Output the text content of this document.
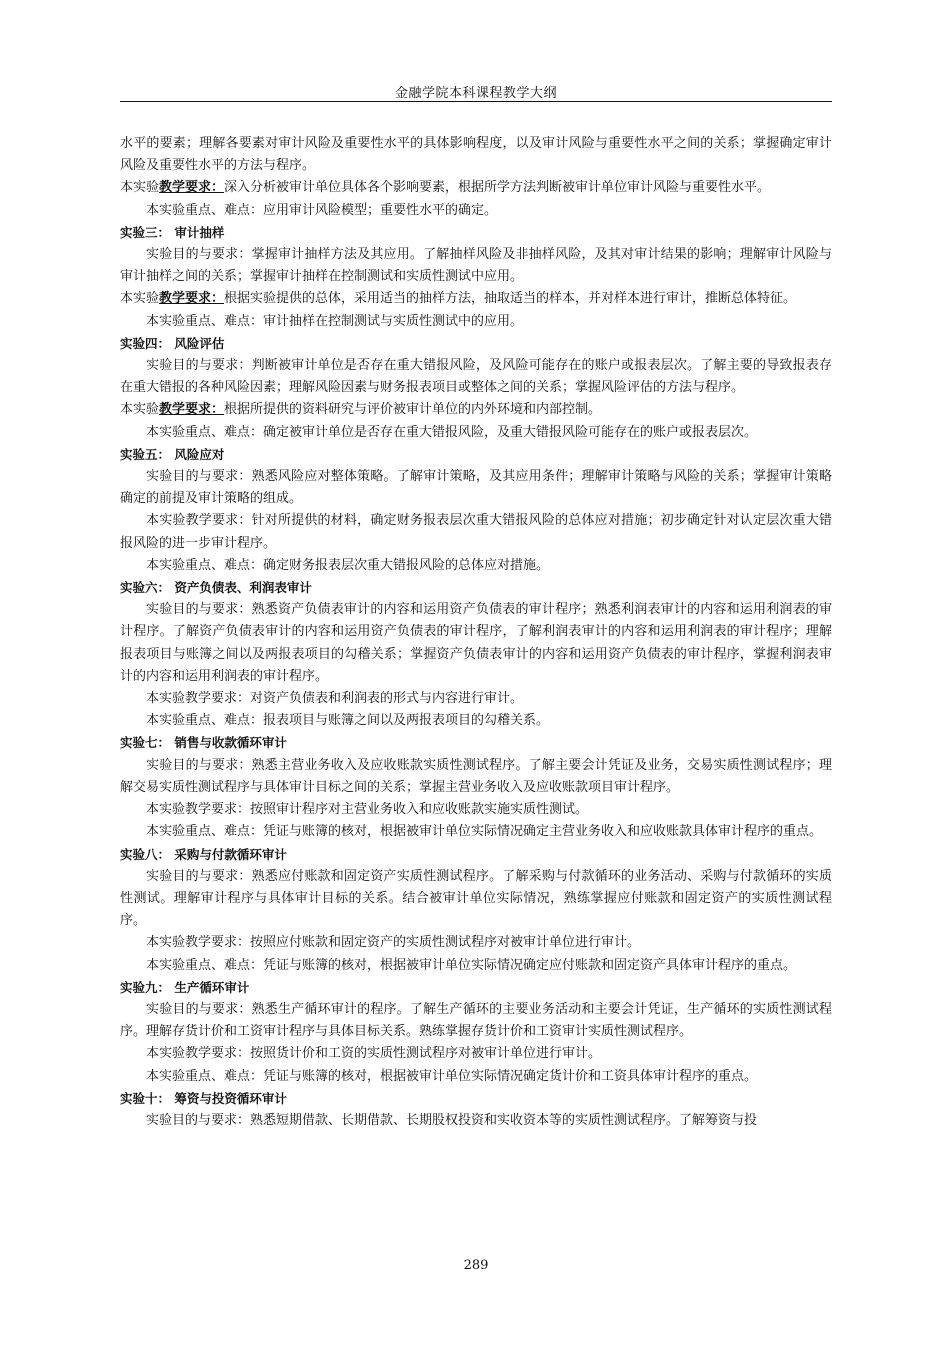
金融学院本科课程教学大纲

水平的要素；理解各要素对审计风险及重要性水平的具体影响程度，以及审计风险与重要性水平之间的关系；掌握确定审计风险及重要性水平的方法与程序。

本实验教学要求：深入分析被审计单位具体各个影响要素，根据所学方法判断被审计单位审计风险与重要性水平。

本实验重点、难点：应用审计风险模型；重要性水平的确定。

实验三： 审计抽样

实验目的与要求：掌握审计抽样方法及其应用。了解抽样风险及非抽样风险，及其对审计结果的影响；理解审计风险与审计抽样之间的关系；掌握审计抽样在控制测试和实质性测试中应用。

本实验教学要求：根据实验提供的总体，采用适当的抽样方法，抽取适当的样本，并对样本进行审计，推断总体特征。

本实验重点、难点：审计抽样在控制测试与实质性测试中的应用。

实验四： 风险评估

实验目的与要求：判断被审计单位是否存在重大错报风险，及风险可能存在的账户或报表层次。了解主要的导致报表存在重大错报的各种风险因素；理解风险因素与财务报表项目或整体之间的关系；掌握风险评估的方法与程序。

本实验教学要求：根据所提供的资料研究与评价被审计单位的内外环境和内部控制。

本实验重点、难点：确定被审计单位是否存在重大错报风险，及重大错报风险可能存在的账户或报表层次。

实验五： 风险应对

实验目的与要求：熟悉风险应对整体策略。了解审计策略，及其应用条件；理解审计策略与风险的关系；掌握审计策略确定的前提及审计策略的组成。

本实验教学要求：针对所提供的材料，确定财务报表层次重大错报风险的总体应对措施；初步确定针对认定层次重大错报风险的进一步审计程序。

本实验重点、难点：确定财务报表层次重大错报风险的总体应对措施。

实验六： 资产负债表、利润表审计

实验目的与要求：熟悉资产负债表审计的内容和运用资产负债表的审计程序；熟悉利润表审计的内容和运用利润表的审计程序。了解资产负债表审计的内容和运用资产负债表的审计程序，了解利润表审计的内容和运用利润表的审计程序；理解报表项目与账簿之间以及两报表项目的勾稽关系；掌握资产负债表审计的内容和运用资产负债表的审计程序，掌握利润表审计的内容和运用利润表的审计程序。

本实验教学要求：对资产负债表和利润表的形式与内容进行审计。

本实验重点、难点：报表项目与账簿之间以及两报表项目的勾稽关系。

实验七： 销售与收款循环审计

实验目的与要求：熟悉主营业务收入及应收账款实质性测试程序。了解主要会计凭证及业务，交易实质性测试程序；理解交易实质性测试程序与具体审计目标之间的关系；掌握主营业务收入及应收账款项目审计程序。

本实验教学要求：按照审计程序对主营业务收入和应收账款实施实质性测试。

本实验重点、难点：凭证与账簿的核对，根据被审计单位实际情况确定主营业务收入和应收账款具体审计程序的重点。

实验八： 采购与付款循环审计

实验目的与要求：熟悉应付账款和固定资产实质性测试程序。了解采购与付款循环的业务活动、采购与付款循环的实质性测试。理解审计程序与具体审计目标的关系。结合被审计单位实际情况，熟练掌握应付账款和固定资产的实质性测试程序。

本实验教学要求：按照应付账款和固定资产的实质性测试程序对被审计单位进行审计。

本实验重点、难点：凭证与账簿的核对，根据被审计单位实际情况确定应付账款和固定资产具体审计程序的重点。

实验九： 生产循环审计

实验目的与要求：熟悉生产循环审计的程序。了解生产循环的主要业务活动和主要会计凭证，生产循环的实质性测试程序。理解存货计价和工资审计程序与具体目标关系。熟练掌握存货计价和工资审计实质性测试程序。

本实验教学要求：按照货计价和工资的实质性测试程序对被审计单位进行审计。

本实验重点、难点：凭证与账簿的核对，根据被审计单位实际情况确定货计价和工资具体审计程序的重点。

实验十： 筹资与投资循环审计

实验目的与要求：熟悉短期借款、长期借款、长期股权投资和实收资本等的实质性测试程序。了解筹资与投

289
